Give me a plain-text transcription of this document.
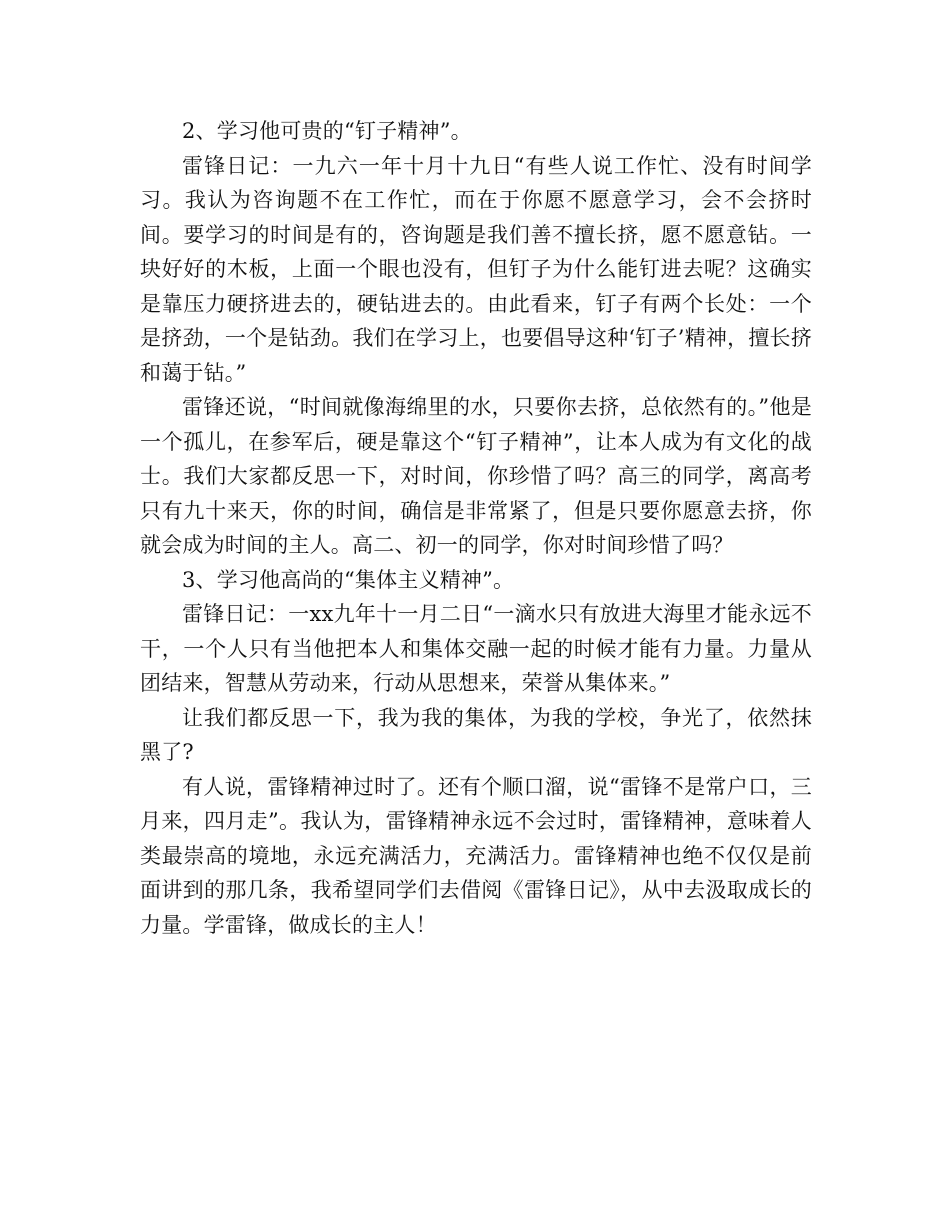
2、学习他可贵的“钉子精神”。

雷锋日记：一九六一年十月十九日“有些人说工作忙、没有时间学习。我认为咨询题不在工作忙，而在于你愿不愿意学习，会不会挤时间。要学习的时间是有的，咨询题是我们善不擅长挤，愿不愿意钻。一块好好的木板，上面一个眼也没有，但钉子为什么能钉进去呢？这确实是靠压力硬挤进去的，硬钻进去的。由此看来，钉子有两个长处：一个是挤劲，一个是钻劲。我们在学习上，也要倡导这种‘钉子’精神，擅长挤和蔼于钻。”

雷锋还说，“时间就像海绵里的水，只要你去挤，总依然有的。”他是一个孤儿，在参军后，硬是靠这个“钉子精神”，让本人成为有文化的战士。我们大家都反思一下，对时间，你珍惜了吗？高三的同学，离高考只有九十来天，你的时间，确信是非常紧了，但是只要你愿意去挤，你就会成为时间的主人。高二、初一的同学，你对时间珍惜了吗？

3、学习他高尚的“集体主义精神”。

雷锋日记：一xx九年十一月二日“一滴水只有放进大海里才能永远不干，一个人只有当他把本人和集体交融一起的时候才能有力量。力量从团结来，智慧从劳动来，行动从思想来，荣誉从集体来。”

让我们都反思一下，我为我的集体，为我的学校，争光了，依然抹黑了?

有人说，雷锋精神过时了。还有个顺口溜，说“雷锋不是常户口，三月来，四月走”。我认为，雷锋精神永远不会过时，雷锋精神，意味着人类最崇高的境地，永远充满活力，充满活力。雷锋精神也绝不仅仅是前面讲到的那几条，我希望同学们去借阅《雷锋日记》，从中去汲取成长的力量。学雷锋，做成长的主人！
